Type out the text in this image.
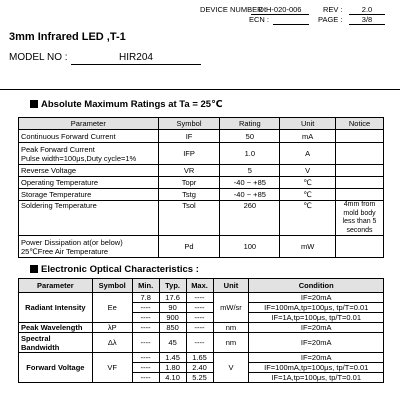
DEVICE NUMBER :
DIH-020-006	REV :	2.0
ECN :	PAGE :	3/8
3mm Infrared LED ,T-1
MODEL NO :	HIR204
Absolute Maximum Ratings at Ta = 25℃
Parameter	Symbol	Rating	Unit	Notice
Continuous Forward Current	IF	50	mA	
Peak Forward Current
Pulse width=100μs,Duty cycle=1%	IFP	1.0	A	
Reverse Voltage	VR	5	V	
Operating Temperature	Topr	-40 ~ +85	℃	
Storage Temperature	Tstg	-40 ~ +85	℃	
Soldering Temperature	Tsol	260	℃	4mm from mold body less than 5 seconds
Power Dissipation at(or below)
25℃Free Air Temperature	Pd	100	mW	
Electronic Optical Characteristics :
Parameter	Symbol	Min.	Typ.	Max.	Unit	Condition
Radiant Intensity	Ee	7.8	17.6	----	mW/sr	IF=20mA
		----	90	----		IF=100mA,tp=100μs, tp/T=0.01
		----	900	----		IF=1A,tp=100μs, tp/T=0.01
Peak Wavelength	λP	----	850	----	nm	IF=20mA
Spectral
Bandwidth	Δλ	----	45	----	nm	IF=20mA
Forward Voltage	VF	----	1.45	1.65	V	IF=20mA
		----	1.80	2.40		IF=100mA,tp=100μs, tp/T=0.01
		----	4.10	5.25		IF=1A,tp=100μs, tp/T=0.01
